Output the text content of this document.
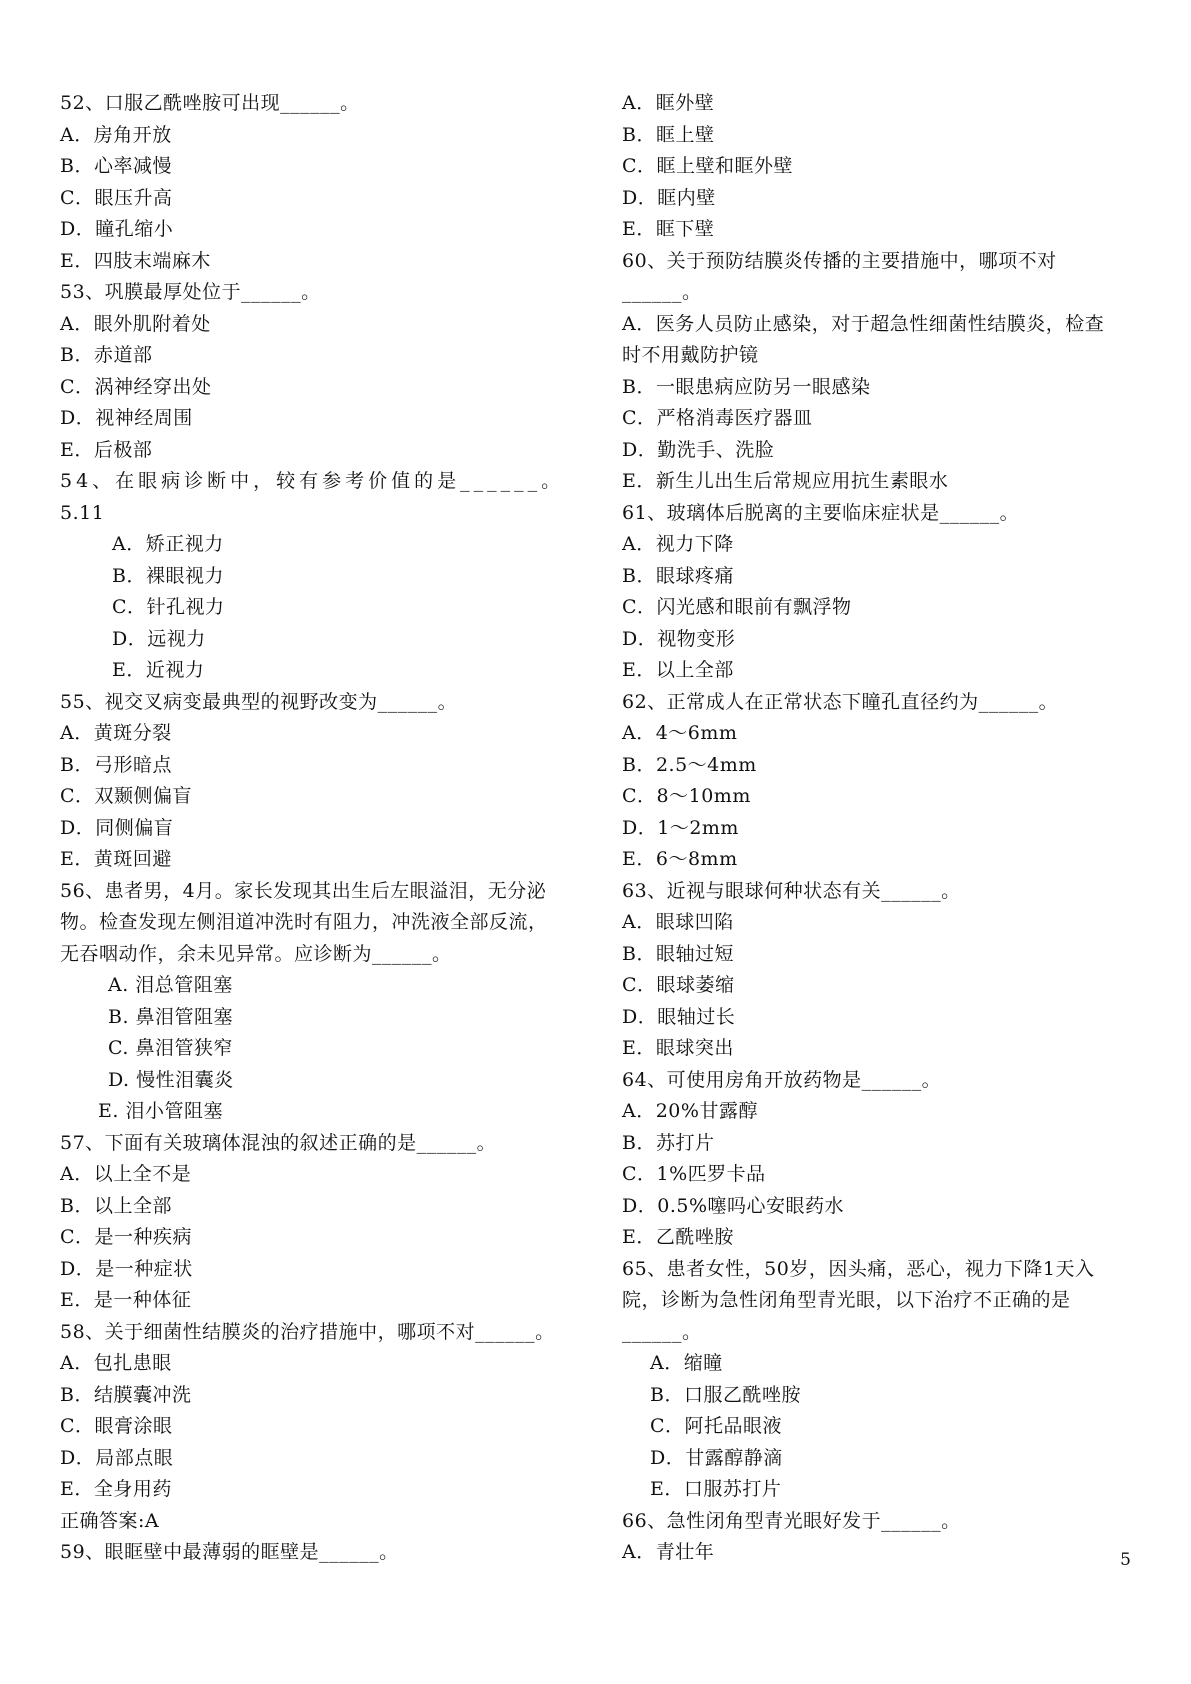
52、口服乙酰唑胺可出现______。
A．房角开放
B．心率减慢
C．眼压升高
D．瞳孔缩小
E．四肢末端麻木
53、巩膜最厚处位于______。
A．眼外肌附着处
B．赤道部
C．涡神经穿出处
D．视神经周围
E．后极部
54、在眼病诊断中，较有参考价值的是______。
5.11
A．矫正视力
B．裸眼视力
C．针孔视力
D．远视力
E．近视力
55、视交叉病变最典型的视野改变为______。
A．黄斑分裂
B．弓形暗点
C．双颞侧偏盲
D．同侧偏盲
E．黄斑回避
56、患者男，4月。家长发现其出生后左眼溢泪，无分泌
物。检查发现左侧泪道冲洗时有阻力，冲洗液全部反流，
无吞咽动作，余未见异常。应诊断为______。
A. 泪总管阻塞
B. 鼻泪管阻塞
C. 鼻泪管狭窄
D. 慢性泪囊炎
E. 泪小管阻塞
57、下面有关玻璃体混浊的叙述正确的是______。
A．以上全不是
B．以上全部
C．是一种疾病
D．是一种症状
E．是一种体征
58、关于细菌性结膜炎的治疗措施中，哪项不对______。
A．包扎患眼
B．结膜囊冲洗
C．眼膏涂眼
D．局部点眼
E．全身用药
正确答案:A
59、眼眶壁中最薄弱的眶壁是______。
A．眶外壁
B．眶上壁
C．眶上壁和眶外壁
D．眶内壁
E．眶下壁
60、关于预防结膜炎传播的主要措施中，哪项不对
______。
A．医务人员防止感染，对于超急性细菌性结膜炎，检查
时不用戴防护镜
B．一眼患病应防另一眼感染
C．严格消毒医疗器皿
D．勤洗手、洗脸
E．新生儿出生后常规应用抗生素眼水
61、玻璃体后脱离的主要临床症状是______。
A．视力下降
B．眼球疼痛
C．闪光感和眼前有飘浮物
D．视物变形
E．以上全部
62、正常成人在正常状态下瞳孔直径约为______。
A．4～6mm
B．2.5～4mm
C．8～10mm
D．1～2mm
E．6～8mm
63、近视与眼球何种状态有关______。
A．眼球凹陷
B．眼轴过短
C．眼球萎缩
D．眼轴过长
E．眼球突出
64、可使用房角开放药物是______。
A．20%甘露醇
B．苏打片
C．1%匹罗卡品
D．0.5%噻吗心安眼药水
E．乙酰唑胺
65、患者女性，50岁，因头痛，恶心，视力下降1天入
院，诊断为急性闭角型青光眼，以下治疗不正确的是
______。
A．缩瞳
B．口服乙酰唑胺
C．阿托品眼液
D．甘露醇静滴
E．口服苏打片
66、急性闭角型青光眼好发于______。
A．青壮年	5
